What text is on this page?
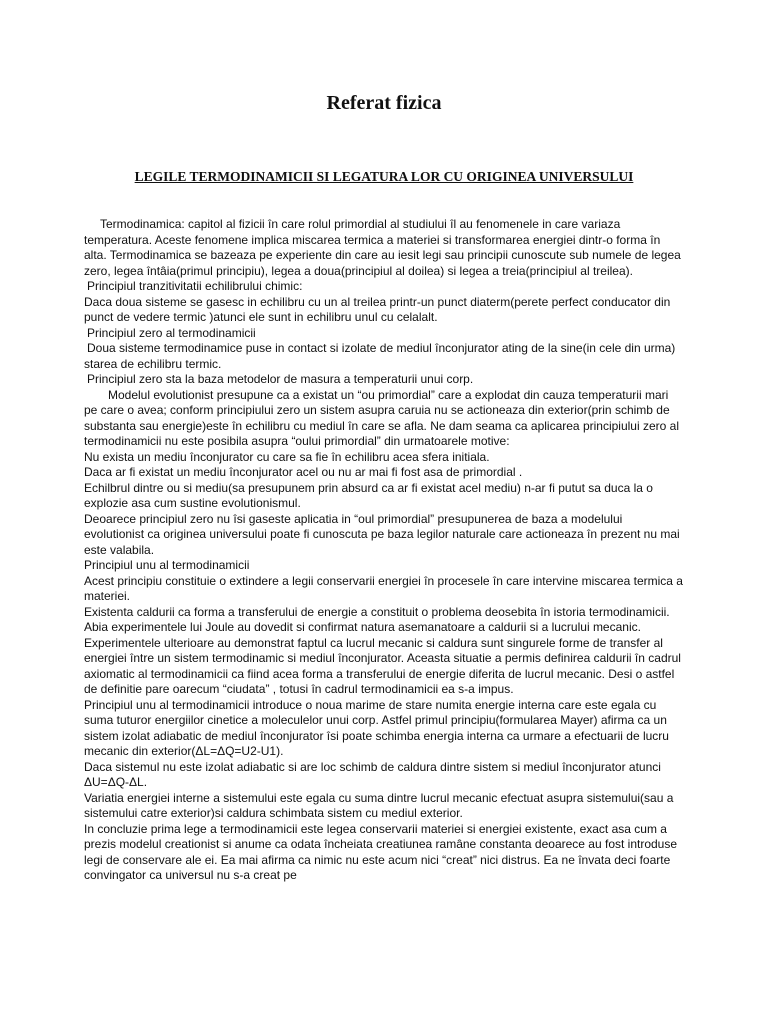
Referat fizica
LEGILE TERMODINAMICII SI LEGATURA LOR CU ORIGINEA UNIVERSULUI

Termodinamica: capitol al fizicii în care rolul primordial al studiului îl au fenomenele in care variaza temperatura. Aceste fenomene implica miscarea termica a materiei si transformarea energiei dintr-o forma în alta. Termodinamica se bazeaza pe experiente din care au iesit legi sau principii cunoscute sub numele de legea zero, legea întâia(primul principiu), legea a doua(principiul al doilea) si legea a treia(principiul al treilea).

Principiul tranzitivitatii echilibrului chimic:

Daca doua sisteme se gasesc in echilibru cu un al treilea printr-un punct diaterm(perete perfect conducator din punct de vedere termic )atunci ele sunt in echilibru unul cu celalalt.

Principiul zero al termodinamicii

Doua sisteme termodinamice puse in contact si izolate de mediul înconjurator ating de la sine(in cele din urma) starea de echilibru termic.

Principiul zero sta la baza metodelor de masura a temperaturii unui corp.

Modelul evolutionist presupune ca a existat un “ou primordial” care a explodat din cauza temperaturii mari pe care o avea; conform principiului zero un sistem asupra caruia nu se actioneaza din exterior(prin schimb de substanta sau energie)este în echilibru cu mediul în care se afla. Ne dam seama ca aplicarea principiului zero al termodinamicii nu este posibila asupra “oului primordial” din urmatoarele motive:

Nu exista un mediu înconjurator cu care sa fie în echilibru acea sfera initiala.

Daca ar fi existat un mediu înconjurator acel ou nu ar mai fi fost asa de primordial .

Echilbrul dintre ou si mediu(sa presupunem prin absurd ca ar fi existat acel mediu) n-ar fi putut sa duca la o explozie asa cum sustine evolutionismul.

Deoarece principiul zero nu îsi gaseste aplicatia in “oul primordial” presupunerea de baza a modelului evolutionist ca originea universului poate fi cunoscuta pe baza legilor naturale care actioneaza în prezent nu mai este valabila.

Principiul unu al termodinamicii

Acest principiu constituie o extindere a legii conservarii energiei în procesele în care intervine miscarea termica a materiei.

Existenta caldurii ca forma a transferului de energie a constituit o problema deosebita în istoria termodinamicii. Abia experimentele lui Joule au dovedit si confirmat natura asemanatoare a caldurii si a lucrului mecanic. Experimentele ulterioare au demonstrat faptul ca lucrul mecanic si caldura sunt singurele forme de transfer al energiei între un sistem termodinamic si mediul înconjurator. Aceasta situatie a permis definirea caldurii în cadrul axiomatic al termodinamicii ca fiind acea forma a transferului de energie diferita de lucrul mecanic. Desi o astfel de definitie pare oarecum “ciudata” , totusi în cadrul termodinamicii ea s-a impus.

Principiul unu al termodinamicii introduce o noua marime de stare numita energie interna care este egala cu suma tuturor energiilor cinetice a moleculelor unui corp. Astfel primul principiu(formularea Mayer) afirma ca un sistem izolat adiabatic de mediul înconjurator îsi poate schimba energia interna ca urmare a efectuarii de lucru mecanic din exterior(ΔL=ΔQ=U2-U1).

Daca sistemul nu este izolat adiabatic si are loc schimb de caldura dintre sistem si mediul înconjurator atunci ΔU=ΔQ-ΔL.

Variatia energiei interne a sistemului este egala cu suma dintre lucrul mecanic efectuat asupra sistemului(sau a sistemului catre exterior)si caldura schimbata sistem cu mediul exterior.

In concluzie prima lege a termodinamicii este legea conservarii materiei si energiei existente, exact asa cum a prezis modelul creationist si anume ca odata încheiata creatiunea ramâne constanta deoarece au fost introduse legi de conservare ale ei. Ea mai afirma ca nimic nu este acum nici “creat” nici distrus. Ea ne învata deci foarte convingator ca universul nu s-a creat pe
